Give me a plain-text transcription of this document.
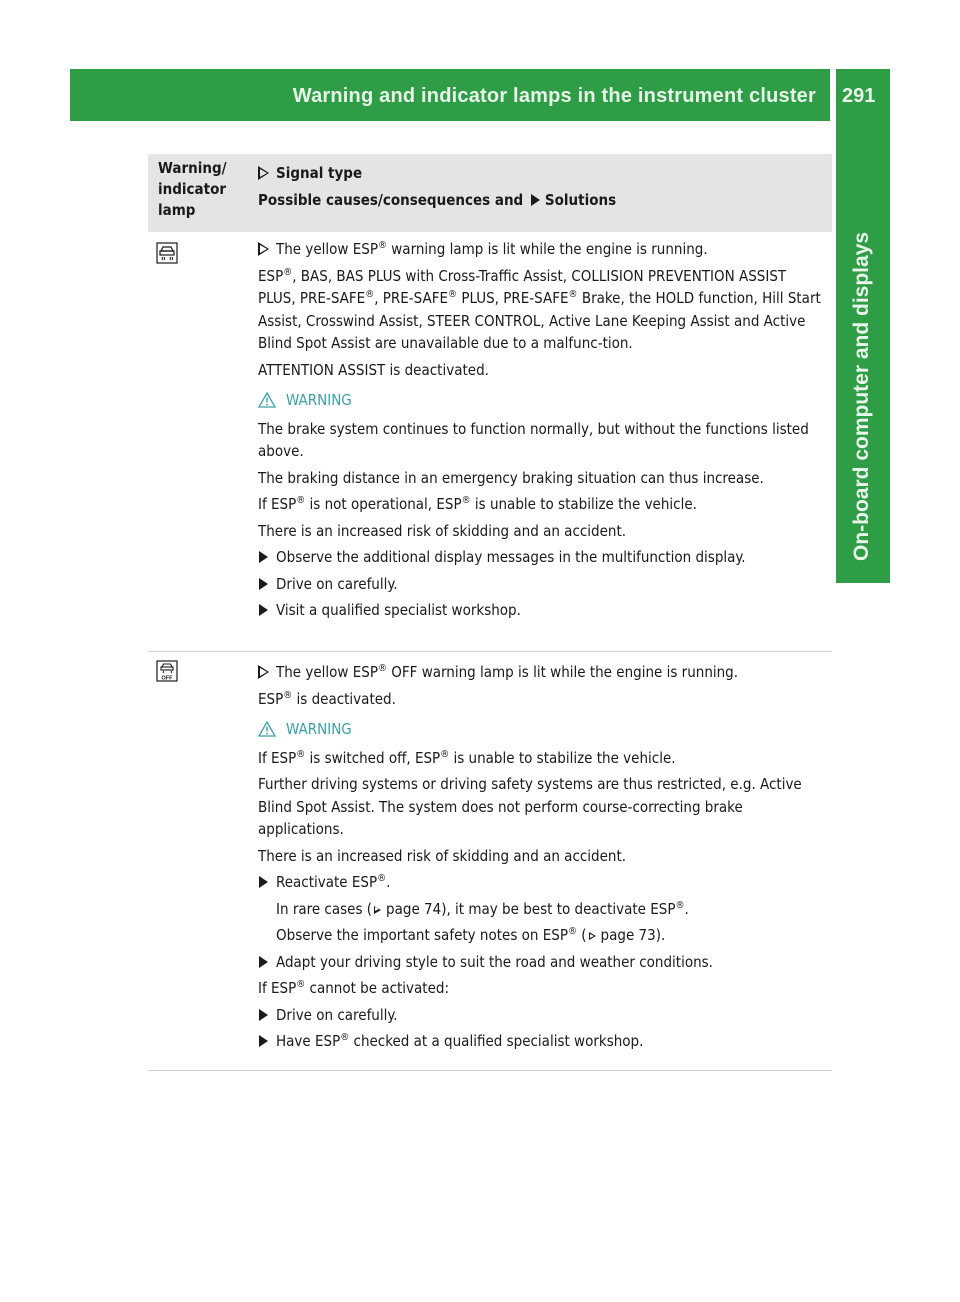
Warning and indicator lamps in the instrument cluster 291
On-board computer and displays
Warning/ indicator lamp
Signal type
Possible causes/consequences and Solutions

The yellow ESP® warning lamp is lit while the engine is running.

ESP®, BAS, BAS PLUS with Cross-Traffic Assist, COLLISION PREVENTION ASSIST PLUS, PRE-SAFE®, PRE-SAFE® PLUS, PRE-SAFE® Brake, the HOLD function, Hill Start Assist, Crosswind Assist, STEER CONTROL, Active Lane Keeping Assist and Active Blind Spot Assist are unavailable due to a malfunc-tion.

ATTENTION ASSIST is deactivated.

WARNING

The brake system continues to function normally, but without the functions listed above.

The braking distance in an emergency braking situation can thus increase.

If ESP® is not operational, ESP® is unable to stabilize the vehicle.

There is an increased risk of skidding and an accident.

Observe the additional display messages in the multifunction display.

Drive on carefully.

Visit a qualified specialist workshop.

OFF	The yellow ESP® OFF warning lamp is lit while the engine is running.

ESP® is deactivated.

WARNING

If ESP® is switched off, ESP® is unable to stabilize the vehicle.

Further driving systems or driving safety systems are thus restricted, e.g. Active Blind Spot Assist. The system does not perform course-correcting brake applications.

There is an increased risk of skidding and an accident.

Reactivate ESP®.

In rare cases ( page 74), it may be best to deactivate ESP®.

Observe the important safety notes on ESP® ( page 73).

Adapt your driving style to suit the road and weather conditions.

If ESP® cannot be activated:

Drive on carefully.

Have ESP® checked at a qualified specialist workshop.
